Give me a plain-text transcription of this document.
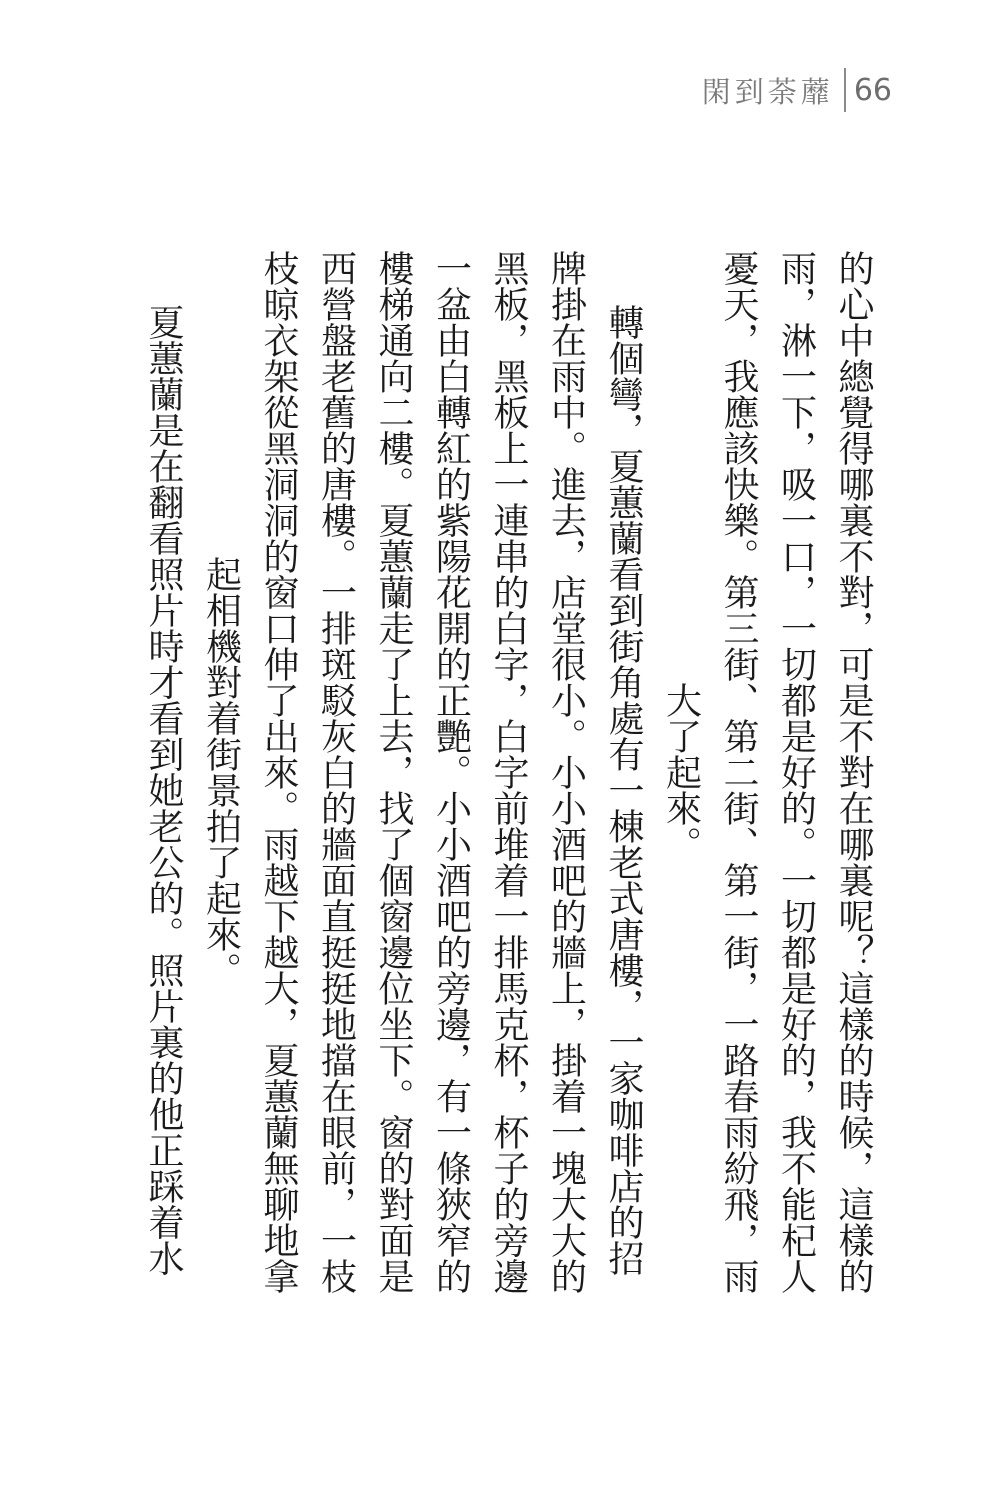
閑到荼蘼 66
的心中總覺得哪裏不對，可是不對在哪裏呢？這樣的時候，這樣的
雨，淋一下，吸一口，一切都是好的。一切都是好的，我不能杞人
憂天，我應該快樂。第三街、第二街、第一街，一路春雨紛飛，雨
大了起來。
　轉個彎，夏蕙蘭看到街角處有一棟老式唐樓，一家咖啡店的招
牌掛在雨中。進去，店堂很小。小小酒吧的牆上，掛着一塊大大的
黑板，黑板上一連串的白字，白字前堆着一排馬克杯，杯子的旁邊
一盆由白轉紅的紫陽花開的正艷。小小酒吧的旁邊，有一條狹窄的
樓梯通向二樓。夏蕙蘭走了上去，找了個窗邊位坐下。窗的對面是
西營盤老舊的唐樓。一排斑駁灰白的牆面直挺挺地擋在眼前，一枝
枝晾衣架從黑洞洞的窗口伸了出來。雨越下越大，夏蕙蘭無聊地拿
起相機對着街景拍了起來。
　夏蕙蘭是在翻看照片時才看到她老公的。照片裏的他正踩着水
